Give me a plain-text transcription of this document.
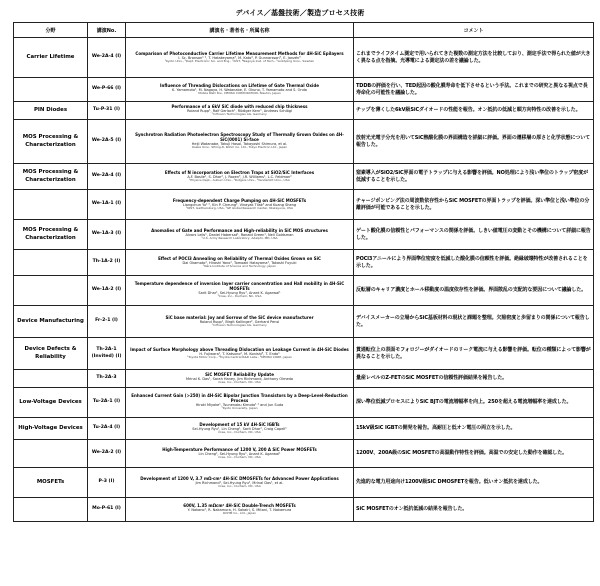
デバイス／基盤技術／製造プロセス技術
分野	講演No.	講演名・著者名・所属名称	コメント
Carrier Lifetime	We-2A-4 (I)	Comparison of Photoconductive Carrier Lifetime Measurement Methods for 4H-SiC Epilayers
I. Sc. Bronson¹ ², T. Hatakeyama³, M. Kato⁴, P. Gunnarsson⁵, E. Janzén⁶
¹Kyoto Univ., ²Dept. Electronic Sci. and Eng., ³AIST, ⁴Nagoya Inst. of Tech., ⁵Linköping Univ., Sweden	これまでライフタイム測定で用いられてきた複数の測定方法を比較しており、測定手法で得られた値が大きく異なる点を指摘。光導電による測定法の差を議論した。
	We-P-66 (I)	Influence of Threading Dislocations on Lifetime of Gate Thermal Oxide
K. Yamamoto¹, M. Nagaya, H. Watanabe, E. Okuno, T. Yamamoto and S. Onda
Mobile R&D Div., DENSO CORPORATION, Nisshin, Japan	TDDBの評価を行い、TED起因の酸化膜寿命を低下させるという手法。これまでの研究と異なる視点で長寿命化の可能性を議論した。
PIN Diodes	Tu-P-31 (I)	Performance of a 6kV SiC diode with reduced chip thickness
Roland Rupp¹, Ralf Gerlach¹, Rüdiger Kern¹, Andreas Schlögl
¹Infineon Technologies AG, Germany	チップを薄くした6kV級SiCダイオードの性能を報告。オン抵抗の低減と順方向特性の改善を示した。
MOS Processing & Characterization	We-2A-5 (I)	Synchrotron Radiation Photoelectron Spectroscopy Study of Thermally Grown Oxides on 4H-SiC(0001) Si-face
Heiji Watanabe, Takuji Hosoi, Takayoshi Shimura, et al.
Osaka Univ., SPring-8, Rohm Co. Ltd., Tokyo Electron Ltd., Japan	放射光光電子分光を用いてSiC熱酸化膜の界面構造を詳細に評価。界面の遷移層の厚さと化学状態について報告した。
MOS Processing & Characterization	We-2A-4 (I)	Effects of N incorporation on Electron Traps at SiO2/SiC Interfaces
A.F. Basile¹, S. Dhar², J. Rozen³, J.R. Williams¹, L.C. Feldman²
¹Physics Dept., Auburn Univ., ²Rutgers Univ., ³Vanderbilt Univ., USA	窒素導入がSiO2/SiC界面の電子トラップに与える影響を評価。NO処理により浅い準位のトラップ密度が低減することを示した。
	We-1A-1 (I)	Frequency-dependent Charge Pumping on 4H-SiC MOSFETs
Liangchun Yu¹ ², Kin P. Cheung², Vinayak Tilak³ and Kuang Sheng
¹NIST, Gaithersburg, USA, ²GE Global Research Center, Niskayuna, USA	チャージポンピング法の周波数依存性からSiC MOSFETの界面トラップを評価。深い準位と浅い準位の分離評価が可能であることを示した。
MOS Processing & Characterization	We-1A-3 (I)	Anomalies of Gate and Performance and High-reliability in SiC MOS structures
Aivars Lelis¹, Daniel Habersat¹, Ronald Green¹, Neil Goldsman
¹U.S. Army Research Laboratory, Adelphi, MD, USA	ゲート酸化膜の信頼性とパフォーマンスの関係を評価。しきい値電圧の変動とその機構について詳細に報告した。
	Th-1A-2 (I)	Effect of POCl3 Annealing on Reliability of Thermal Oxides Grown on SiC
Dai Okamoto¹, Hiroshi Yano¹, Tomoaki Hatayama¹, Takashi Fuyuki
¹Nara Institute of Science and Technology, Japan	POCl3アニールにより界面準位密度を低減した酸化膜の信頼性を評価。絶縁破壊特性が改善されることを示した。
	We-1A-2 (I)	Temperature dependence of inversion layer carrier concentration and Hall mobility in 4H-SiC MOSFETs
Sarit Dhar¹, Sei-Hyung Ryu¹, Anant K. Agarwal¹
¹Cree, Inc., Durham, NC, USA	反転層のキャリア濃度とホール移動度の温度依存性を評価。界面散乱の支配的な要因について議論した。
Device Manufacturing	Fr-2-1 (I)	SiC base material: Joy and Sorrow of the SiC device manufacturer
Roland Rupp¹, Birgit Kallinger², Gerhard Pensl
¹Infineon Technologies AG, Germany	デバイスメーカーの立場からSiC基板材料の現状と課題を整理。欠陥密度と歩留まりの関係について報告した。
Device Defects & Reliability	Th-2A-1 (Invited) (I)	Impact of Surface Morphology above Threading Dislocation on Leakage Current in 4H-SiC Diodes
H. Fujiwara¹, T. Katsuno², M. Konishi³, T. Endo¹
¹Toyota Motor Corp., ²Toyota Central R&D Labs., ³DENSO CORP., Japan	貫通転位上の表面モフォロジーがダイオードのリーク電流に与える影響を評価。転位の種類によって影響が異なることを示した。
	Th-2A-3	SiC MOSFET Reliability Update
Mrinal K. Das¹, Sarah Haney, Jim Richmond, Anthony Olmedo
Cree, Inc., Durham, NC, USA	量産レベルのZ-FETのSiC MOSFETの信頼性評価結果を報告した。
Low-Voltage Devices	Tu-2A-1 (I)	Enhanced Current Gain (>250) in 4H-SiC Bipolar Junction Transistors by a Deep-Level-Reduction Process
Hiroki Miyake¹, Tsunenobu Kimoto¹ ² and Jun Suda
¹Kyoto University, Japan	深い準位低減プロセスによりSiC BJTの電流増幅率を向上。250を超える電流増幅率を達成した。
High-Voltage Devices	Tu-2A-4 (I)	Development of 15 kV 4H-SiC IGBTs
Sei-Hyung Ryu¹, Lin Cheng¹, Sarit Dhar¹, Craig Capell¹
Cree, Inc., Durham, NC, USA	15kV級SiC IGBTの開発を報告。高耐圧と低オン電圧の両立を示した。
	We-2A-2 (I)	High-Temperature Performance of 1200 V, 200 A SiC Power MOSFETs
Lin Cheng¹, Sei-Hyung Ryu¹, Anant K. Agarwal¹
Cree, Inc., Durham, NC, USA	1200V、200A級のSiC MOSFETの高温動作特性を評価。高温での安定した動作を確認した。
MOSFETs	P-3 (I)	Development of 1200 V, 3.7 mΩ·cm² 4H-SiC DMOSFETs for Advanced Power Applications
Jim Richmond¹, Sei-Hyung Ryu¹, Mrinal Das¹, et al.
Cree, Inc., Durham, NC, USA	先進的な電力用途向け1200V級SiC DMOSFETを報告。低いオン抵抗を達成した。
	Mo-P-61 (I)	600V, 1.35 mΩcm² 4H-SiC Double-Trench MOSFETs
Y. Nakano¹, R. Nakamura, H. Sakairi, S. Mitani, T. Nakamura
ROHM Co., Ltd., Japan	SiC MOSFETのオン抵抗低減の結果を報告した。
